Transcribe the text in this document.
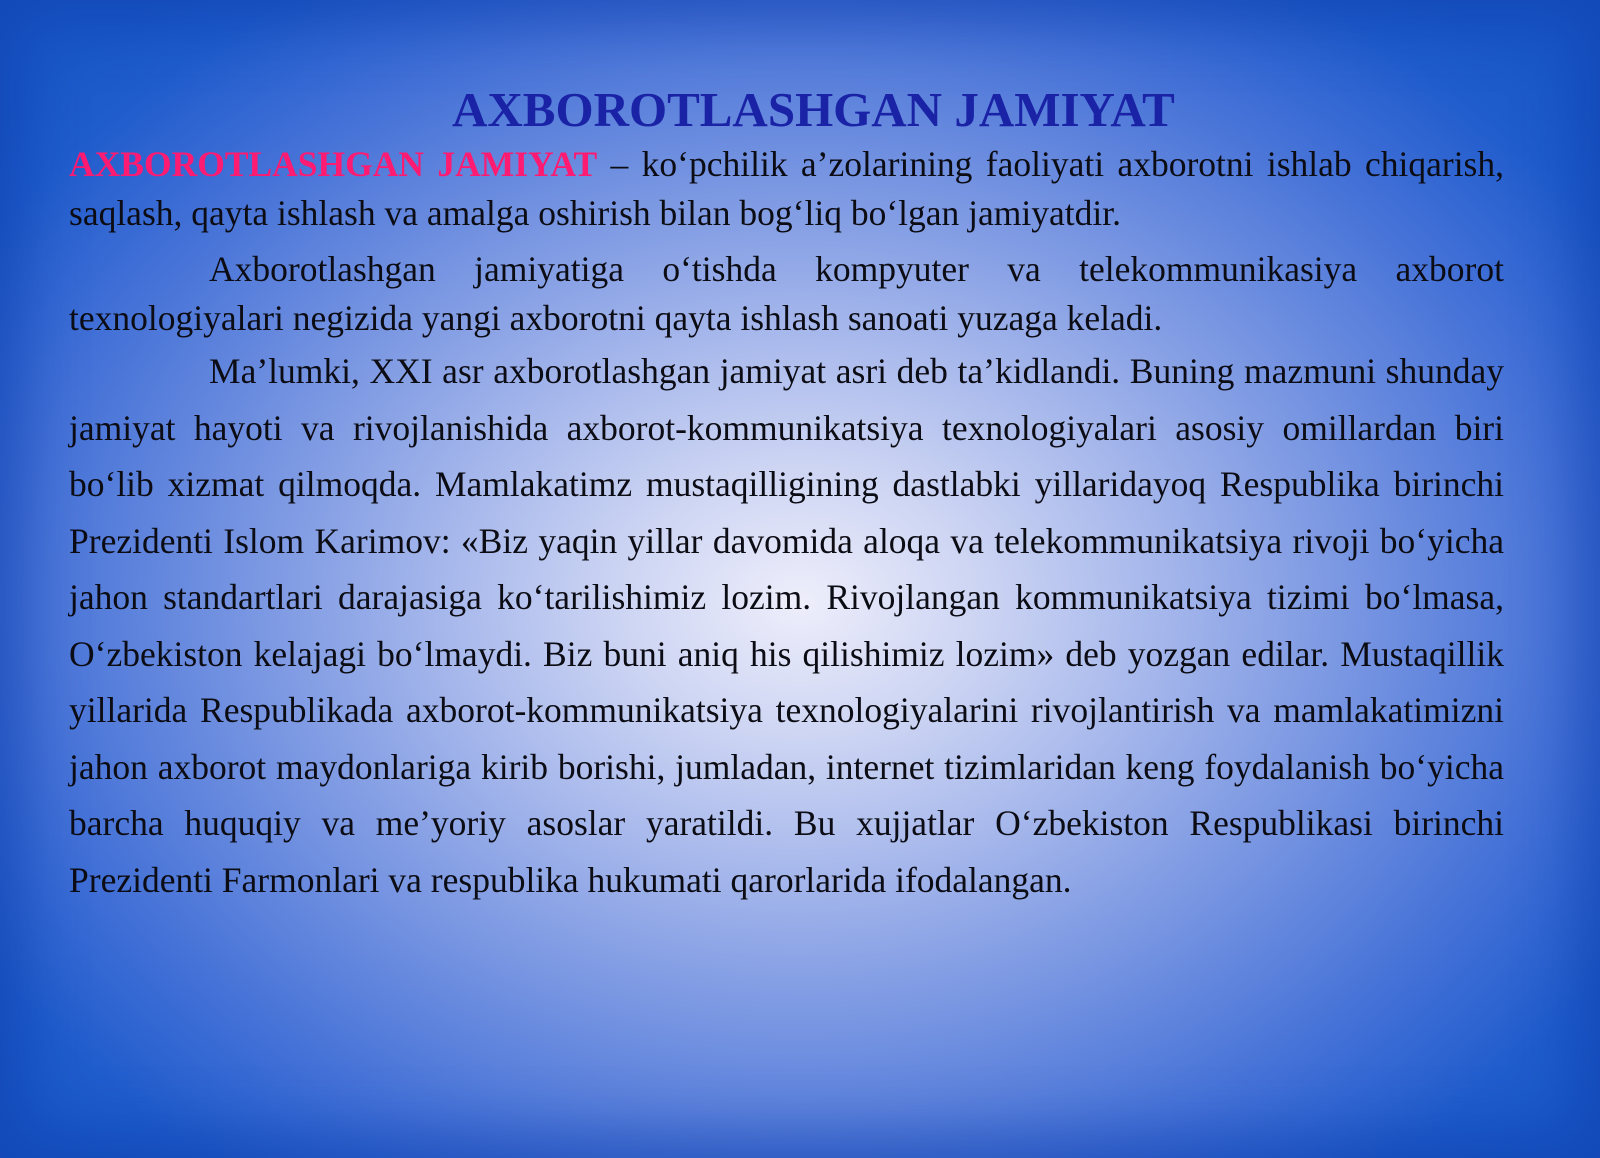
AXBOROTLASHGAN JAMIYAT

AXBOROTLASHGAN JAMIYAT – ko‘pchilik a’zolarining faoliyati axborotni ishlab chiqarish, saqlash, qayta ishlash va amalga oshirish bilan bog‘liq bo‘lgan jamiyatdir.

Axborotlashgan jamiyatiga o‘tishda kompyuter va telekommunikasiya axborot texnologiyalari negizida yangi axborotni qayta ishlash sanoati yuzaga keladi.

Ma’lumki, XXI asr axborotlashgan jamiyat asri deb ta’kidlandi. Buning mazmuni shunday jamiyat hayoti va rivojlanishida axborot-kommunikatsiya texnologiyalari asosiy omillardan biri bo‘lib xizmat qilmoqda. Mamlakatimz mustaqilligining dastlabki yillaridayoq Respublika birinchi Prezidenti Islom Karimov: «Biz yaqin yillar davomida aloqa va telekommunikatsiya rivoji bo‘yicha jahon standartlari darajasiga ko‘tarilishimiz lozim. Rivojlangan kommunikatsiya tizimi bo‘lmasa, O‘zbekiston kelajagi bo‘lmaydi. Biz buni aniq his qilishimiz lozim» deb yozgan edilar. Mustaqillik yillarida Respublikada axborot-kommunikatsiya texnologiyalarini rivojlantirish va mamlakatimizni jahon axborot maydonlariga kirib borishi, jumladan, internet tizimlaridan keng foydalanish bo‘yicha barcha huquqiy va me’yoriy asoslar yaratildi. Bu xujjatlar O‘zbekiston Respublikasi birinchi Prezidenti Farmonlari va respublika hukumati qarorlarida ifodalangan.
